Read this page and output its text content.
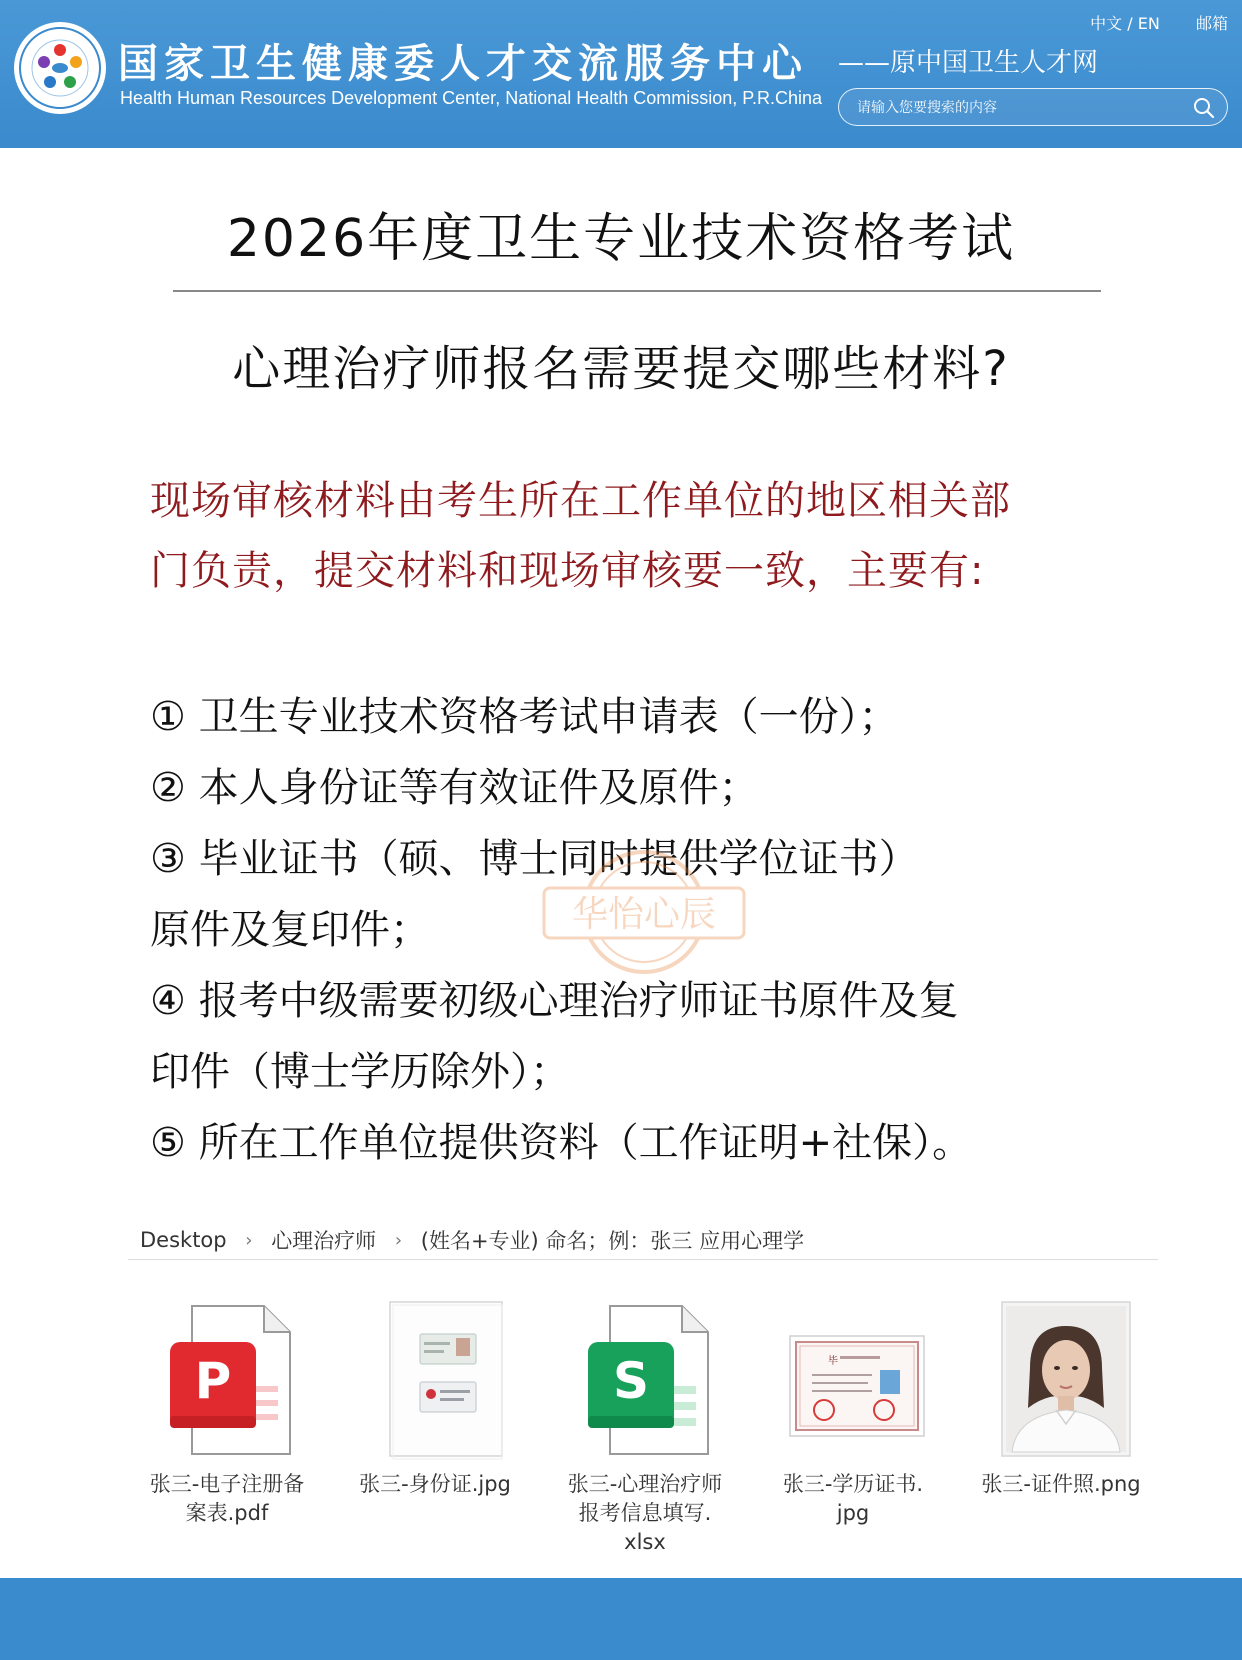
国家卫生健康委人才交流服务中心
Health Human Resources Development Center, National Health Commission, P.R.China
中文 / EN 邮箱
——原中国卫生人才网
请输入您要搜索的内容
2026年度卫生专业技术资格考试
心理治疗师报名需要提交哪些材料?
现场审核材料由考生所在工作单位的地区相关部
门负责，提交材料和现场审核要一致，主要有:
① 卫生专业技术资格考试申请表（一份）；
② 本人身份证等有效证件及原件；
③ 毕业证书（硕、博士同时提供学位证书）
原件及复印件；
④ 报考中级需要初级心理治疗师证书原件及复
印件（博士学历除外）；
⑤ 所在工作单位提供资料（工作证明+社保）。
华怡心辰
Desktop › 心理治疗师 › (姓名+专业) 命名；例：张三 应用心理学
P
张三-电子注册备
案表.pdf
张三-身份证.jpg
S
张三-心理治疗师
报考信息填写.
xlsx
毕
张三-学历证书.
jpg
张三-证件照.png
